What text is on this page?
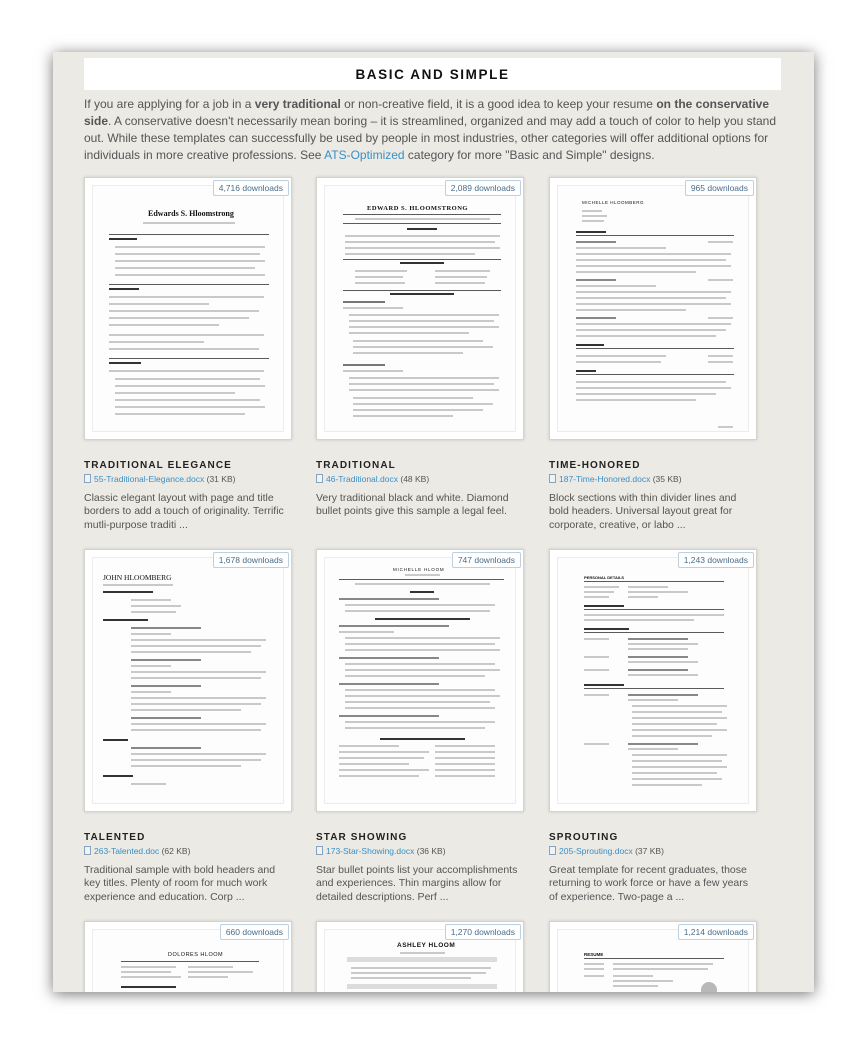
BASIC AND SIMPLE

If you are applying for a job in a very traditional or non-creative field, it is a good idea to keep your resume on the conservative side. A conservative doesn't necessarily mean boring – it is streamlined, organized and may add a touch of color to help you stand out. While these templates can successfully be used by people in most industries, other categories will offer additional options for individuals in more creative professions. See ATS-Optimized category for more "Basic and Simple" designs.

Edwards S. Hloomstrong
4,716 downloads
TRADITIONAL ELEGANCE
55-Traditional-Elegance.docx (31 KB)
Classic elegant layout with page and title borders to add a touch of originality. Terrific mutli-purpose traditi ...
EDWARD S. HLOOMSTRONG
2,089 downloads
TRADITIONAL
46-Traditional.docx (48 KB)
Very traditional black and white. Diamond bullet points give this sample a legal feel.
MICHELLE HLOOMBERG
965 downloads
TIME-HONORED
187-Time-Honored.docx (35 KB)
Block sections with thin divider lines and bold headers. Universal layout great for corporate, creative, or labo ...
JOHN HLOOMBERG
1,678 downloads
TALENTED
263-Talented.doc (62 KB)
Traditional sample with bold headers and key titles. Plenty of room for much work experience and education. Corp ...
MICHELLE HLOOM
747 downloads
STAR SHOWING
173-Star-Showing.docx (36 KB)
Star bullet points list your accomplishments and experiences. Thin margins allow for detailed descriptions. Perf ...
PERSONAL DETAILS
1,243 downloads
SPROUTING
205-Sprouting.docx (37 KB)
Great template for recent graduates, those returning to work force or have a few years of experience. Two-page a ...
DOLORES HLOOM
660 downloads
ASHLEY HLOOM
1,270 downloads
RESUME
1,214 downloads
